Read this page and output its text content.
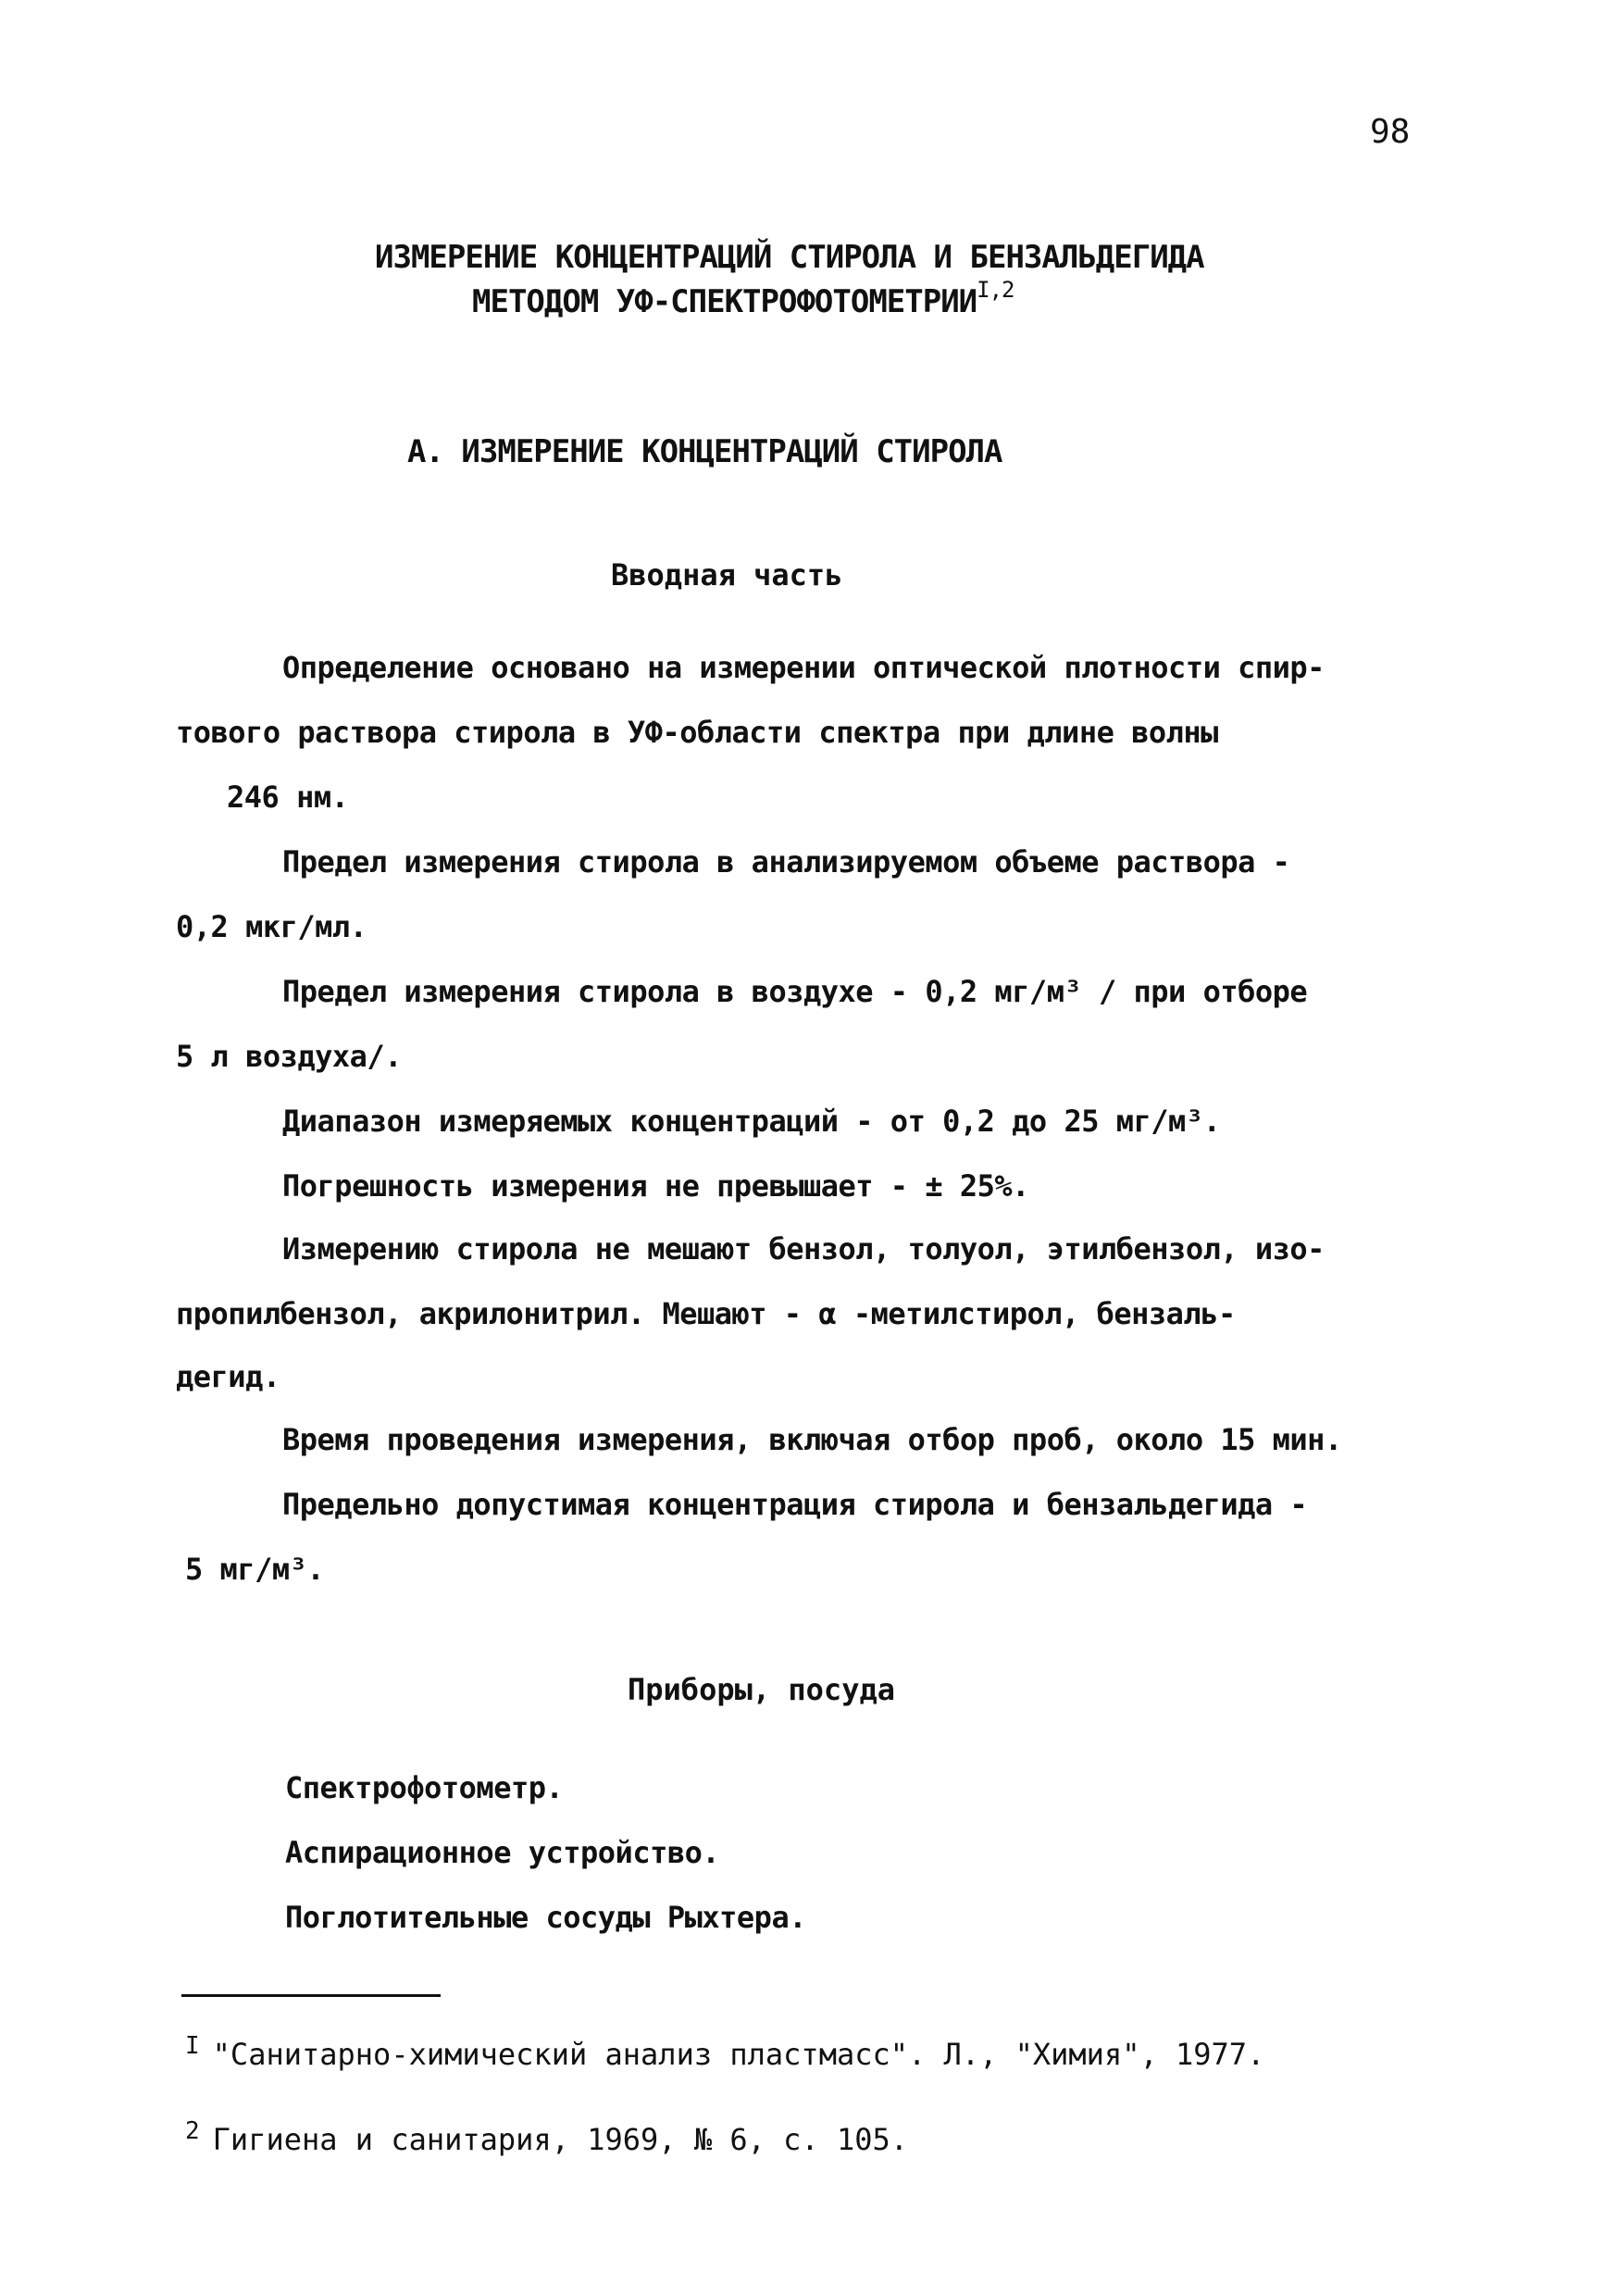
98
ИЗМЕРЕНИЕ КОНЦЕНТРАЦИЙ СТИРОЛА И БЕНЗАЛЬДЕГИДА
МЕТОДОМ $УФ-СПЕКТРОФОТОМЕТРИИ^{I,2}$
А. ИЗМЕРЕНИЕ КОНЦЕНТРАЦИЙ СТИРОЛА
Вводная часть
Определение основано на измерении оптической плотности спир-
тового раствора стирола в УФ-области спектра при длине волны
246 нм.
Предел измерения стирола в анализируемом объеме раствора -
0,2 мкг/мл.
Предел измерения стирола в воздухе - 0,2 мг/м³ / при отборе
5 л воздуха/.
Диапазон измеряемых концентраций - от 0,2 до 25 мг/м³.
Погрешность измерения не превышает - ± 25%.
Измерению стирола не мешают бензол, толуол, этилбензол, изо-
пропилбензол, акрилонитрил. Мешают - α -метилстирол, бензаль-
дегид.
Время проведения измерения, включая отбор проб, около 15 мин.
Предельно допустимая концентрация стирола и бензальдегида -
5 мг/м³.
Приборы, посуда
Спектрофотометр.
Аспирационное устройство.
Поглотительные сосуды Рыхтера.
$^I$ "Санитарно-химический анализ пластмасс". Л., "Химия", 1977.
$^2$ Гигиена и санитария, 1969, № 6, с. 105.
